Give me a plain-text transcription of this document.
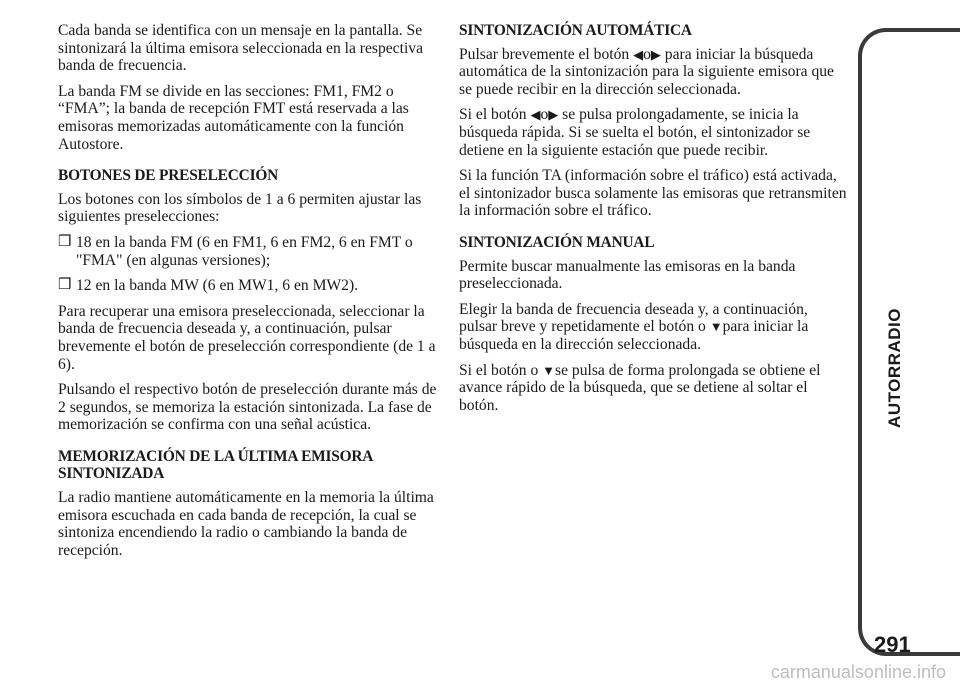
Cada banda se identifica con un mensaje en la pantalla. Se sintonizará la última emisora seleccionada en la respectiva banda de frecuencia.

La banda FM se divide en las secciones: FM1, FM2 o “FMA”; la banda de recepción FMT está reservada a las emisoras memorizadas automáticamente con la función Autostore.

BOTONES DE PRESELECCIÓN

Los botones con los símbolos de 1 a 6 permiten ajustar las siguientes preselecciones:

❒ 18 en la banda FM (6 en FM1, 6 en FM2, 6 en FMT o "FMA" (en algunas versiones);

❒ 12 en la banda MW (6 en MW1, 6 en MW2).

Para recuperar una emisora preseleccionada, seleccionar la banda de frecuencia deseada y, a continuación, pulsar brevemente el botón de preselección correspondiente (de 1 a 6).

Pulsando el respectivo botón de preselección durante más de 2 segundos, se memoriza la estación sintonizada. La fase de memorización se confirma con una señal acústica.

MEMORIZACIÓN DE LA ÚLTIMA EMISORA SINTONIZADA

La radio mantiene automáticamente en la memoria la última emisora escuchada en cada banda de recepción, la cual se sintoniza encendiendo la radio o cambiando la banda de recepción.

SINTONIZACIÓN AUTOMÁTICA

Pulsar brevemente el botón ◀o▶ para iniciar la búsqueda automática de la sintonización para la siguiente emisora que se puede recibir en la dirección seleccionada.

Si el botón ◀o▶ se pulsa prolongadamente, se inicia la búsqueda rápida. Si se suelta el botón, el sintonizador se detiene en la siguiente estación que puede recibir.

Si la función TA (información sobre el tráfico) está activada, el sintonizador busca solamente las emisoras que retransmiten la información sobre el tráfico.

SINTONIZACIÓN MANUAL

Permite buscar manualmente las emisoras en la banda preseleccionada.

Elegir la banda de frecuencia deseada y, a continuación, pulsar breve y repetidamente el botón o ▼para iniciar la búsqueda en la dirección seleccionada.

Si el botón o ▼se pulsa de forma prolongada se obtiene el avance rápido de la búsqueda, que se detiene al soltar el botón.	AUTORRADIO
291
carmanualsonline.info
